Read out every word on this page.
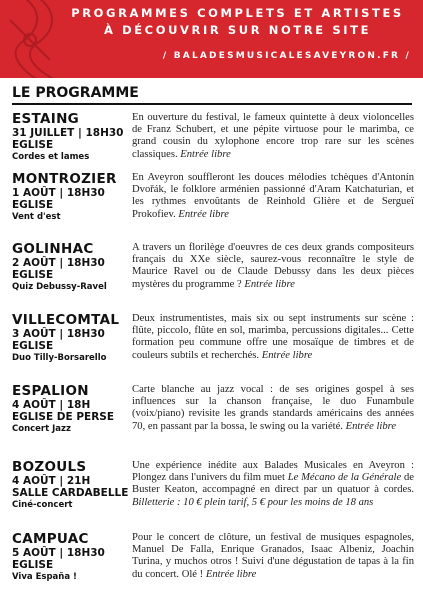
PROGRAMMES COMPLETS ET ARTISTES
À DÉCOUVRIR SUR NOTRE SITE
/ BALADESMUSICALESAVEYRON.FR /
LE PROGRAMME
ESTAING
31 JUILLET | 18H30
EGLISE
Cordes et lames
En ouverture du festival, le fameux quintette à deux violoncelles de Franz Schubert, et une pépite virtuose pour le marimba, ce grand cousin du xylophone encore trop rare sur les scènes classiques. Entrée libre
MONTROZIER
1 AOÛT | 18H30
EGLISE
Vent d'est
En Aveyron souffleront les douces mélodies tchèques d'Antonín Dvořák, le folklore arménien passionné d'Aram Katchaturian, et les rythmes envoûtants de Reinhold Glière et de Sergueï Prokofiev. Entrée libre
GOLINHAC
2 AOÛT | 18H30
EGLISE
Quiz Debussy-Ravel
A travers un florilège d'oeuvres de ces deux grands compositeurs français du XXe siècle, saurez-vous reconnaître le style de Maurice Ravel ou de Claude Debussy dans les deux pièces mystères du programme ? Entrée libre
VILLECOMTAL
3 AOÛT | 18H30
EGLISE
Duo Tilly-Borsarello
Deux instrumentistes, mais six ou sept instruments sur scène : flûte, piccolo, flûte en sol, marimba, percussions digitales... Cette formation peu commune offre une mosaïque de timbres et de couleurs subtils et recherchés. Entrée libre
ESPALION
4 AOÛT | 18H
EGLISE DE PERSE
Concert Jazz
Carte blanche au jazz vocal : de ses origines gospel à ses influences sur la chanson française, le duo Funambule (voix/piano) revisite les grands standards américains des années 70, en passant par la bossa, le swing ou la variété. Entrée libre
BOZOULS
4 AOÛT | 21H
SALLE CARDABELLE
Ciné-concert
Une expérience inédite aux Balades Musicales en Aveyron : Plongez dans l'univers du film muet Le Mécano de la Générale de Buster Keaton, accompagné en direct par un quatuor à cordes. Billetterie : 10 € plein tarif, 5 € pour les moins de 18 ans
CAMPUAC
5 AOÛT | 18H30
EGLISE
Viva España !
Pour le concert de clôture, un festival de musiques espagnoles, Manuel De Falla, Enrique Granados, Isaac Albeniz, Joachin Turina, y muchos otros ! Suivi d'une dégustation de tapas à la fin du concert. Olé ! Entrée libre
